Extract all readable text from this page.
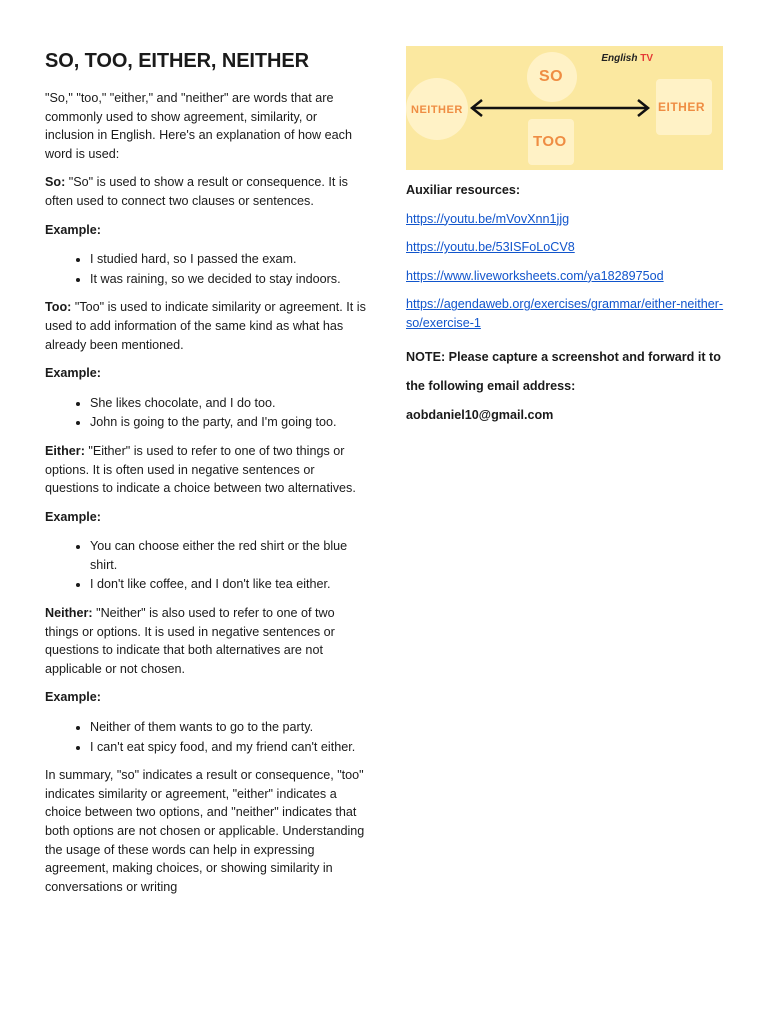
SO, TOO, EITHER, NEITHER

"So," "too," "either," and "neither" are words that are commonly used to show agreement, similarity, or inclusion in English. Here's an explanation of how each word is used:

So: "So" is used to show a result or consequence. It is often used to connect two clauses or sentences.

Example:

• I studied hard, so I passed the exam.
• It was raining, so we decided to stay indoors.

Too: "Too" is used to indicate similarity or agreement. It is used to add information of the same kind as what has already been mentioned.

Example:

• She likes chocolate, and I do too.
• John is going to the party, and I'm going too.

Either: "Either" is used to refer to one of two things or options. It is often used in negative sentences or questions to indicate a choice between two alternatives.

Example:

• You can choose either the red shirt or the blue shirt.
• I don't like coffee, and I don't like tea either.

Neither: "Neither" is also used to refer to one of two things or options. It is used in negative sentences or questions to indicate that both alternatives are not applicable or not chosen.

Example:

• Neither of them wants to go to the party.
• I can't eat spicy food, and my friend can't either.

In summary, "so" indicates a result or consequence, "too" indicates similarity or agreement, "either" indicates a choice between two options, and "neither" indicates that both options are not chosen or applicable. Understanding the usage of these words can help in expressing agreement, making choices, or showing similarity in conversations or writing

SO
TOO
NEITHER	EITHER
English TV

Auxiliar resources:

https://youtu.be/mVovXnn1jjg
https://youtu.be/53ISFoLoCV8
https://www.liveworksheets.com/ya1828975od
https://agendaweb.org/exercises/grammar/either-neither-so/exercise-1

NOTE: Please capture a screenshot and forward it to

the following email address: aobdaniel10@gmail.com
